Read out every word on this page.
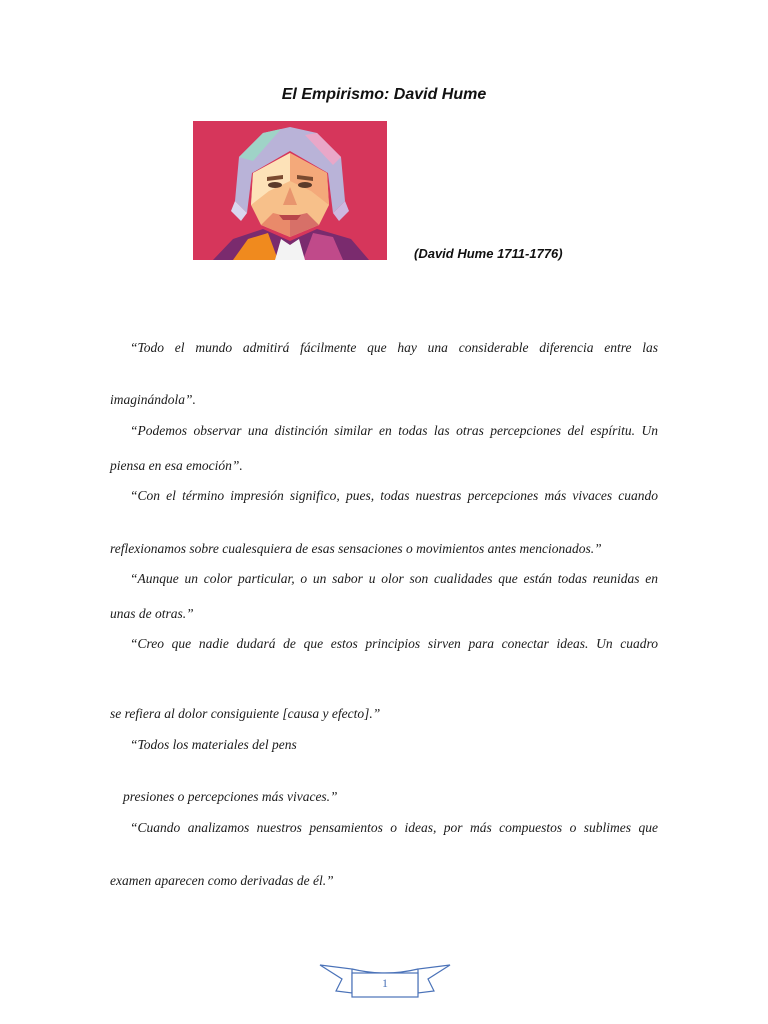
El Empirismo: David Hume
(David Hume 1711-1776)
“Todo el mundo admitirá fácilmente que hay una considerable diferencia entre las
imaginándola”.
“Podemos observar una distinción similar en todas las otras percepciones del espíritu. Un
piensa en esa emoción”.
“Con el término impresión significo, pues, todas nuestras percepciones más vivaces cuando
reflexionamos sobre cualesquiera de esas sensaciones o movimientos antes mencionados.”
“Aunque un color particular, o un sabor u olor son cualidades que están todas reunidas en
unas de otras.”
“Creo que nadie dudará de que estos principios sirven para conectar ideas. Un cuadro
se refiera al dolor consiguiente [causa y efecto].”
“Todos los materiales del pens
presiones o percepciones más vivaces.”
“Cuando analizamos nuestros pensamientos o ideas, por más compuestos o sublimes que
examen aparecen como derivadas de él.”
1
